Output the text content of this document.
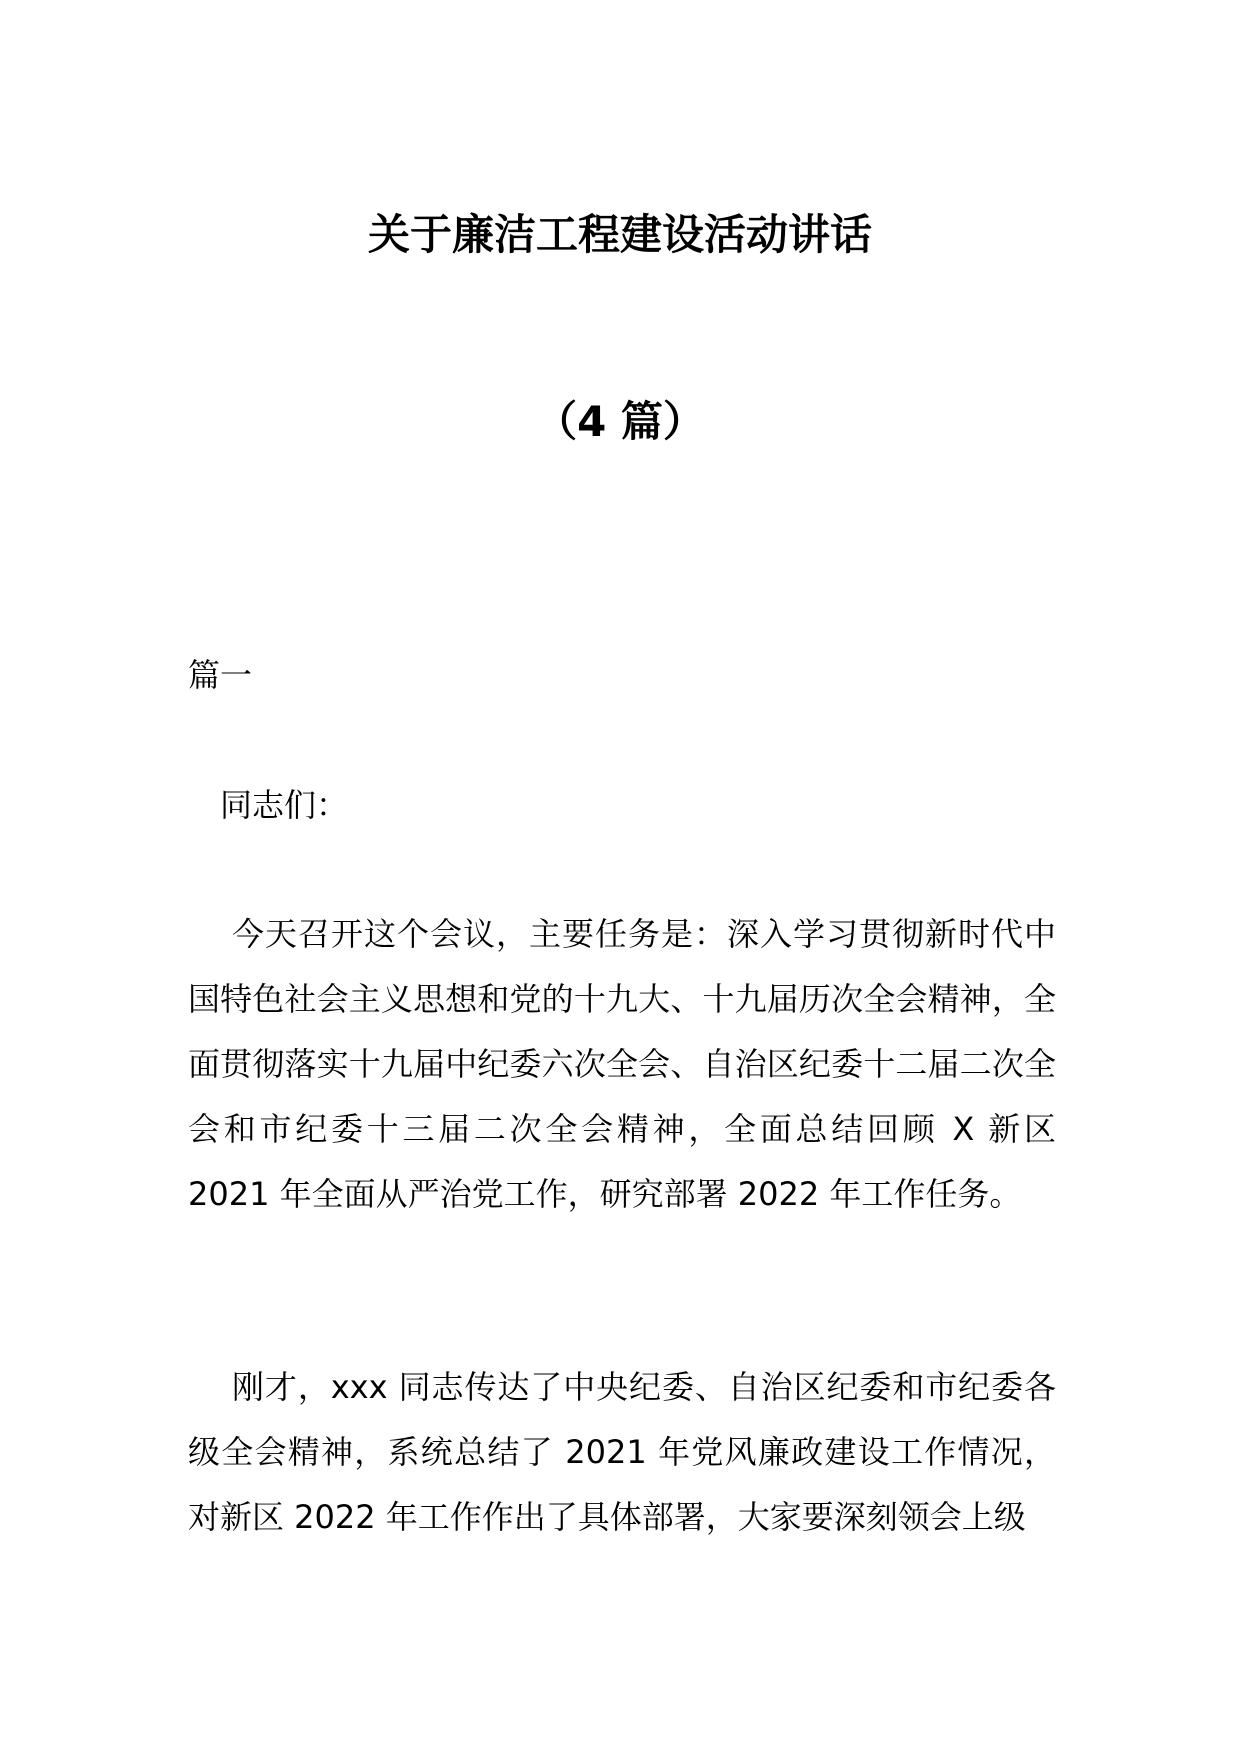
关于廉洁工程建设活动讲话
（4 篇）

篇一

同志们：

今天召开这个会议，主要任务是：深入学习贯彻新时代中国特色社会主义思想和党的十九大、十九届历次全会精神，全面贯彻落实十九届中纪委六次全会、自治区纪委十二届二次全会和市纪委十三届二次全会精神，全面总结回顾 X 新区 2021 年全面从严治党工作，研究部署 2022 年工作任务。

刚才，xxx 同志传达了中央纪委、自治区纪委和市纪委各级全会精神，系统总结了 2021 年党风廉政建设工作情况，对新区 2022 年工作作出了具体部署，大家要深刻领会上级
